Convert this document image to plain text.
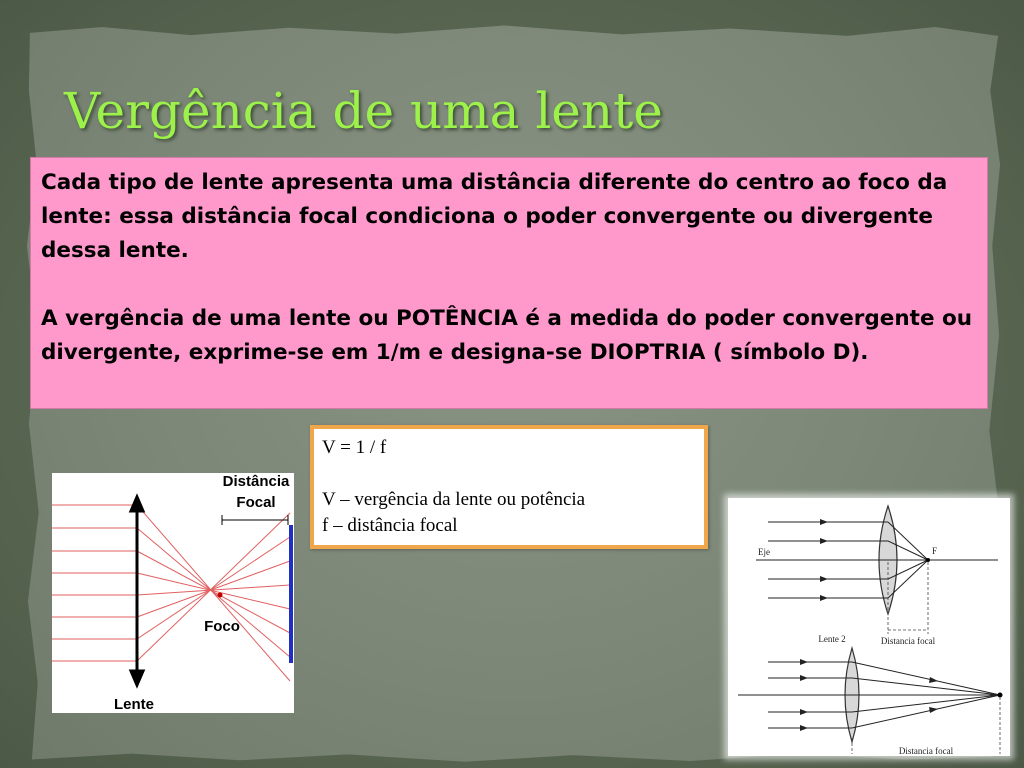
Vergência de uma lente

Cada tipo de lente apresenta uma distância diferente do centro ao foco da lente: essa distância focal condiciona o poder convergente ou divergente dessa lente.

A vergência de uma lente ou POTÊNCIA é a medida do poder convergente ou divergente, exprime-se em 1/m e designa-se DIOPTRIA ( símbolo D).

V = 1 / f
V – vergência da lente ou potência
f – distância focal
Distância
Focal
Foco
Lente
Eje	F
Distancia focal
Lente 2
Distancia focal
